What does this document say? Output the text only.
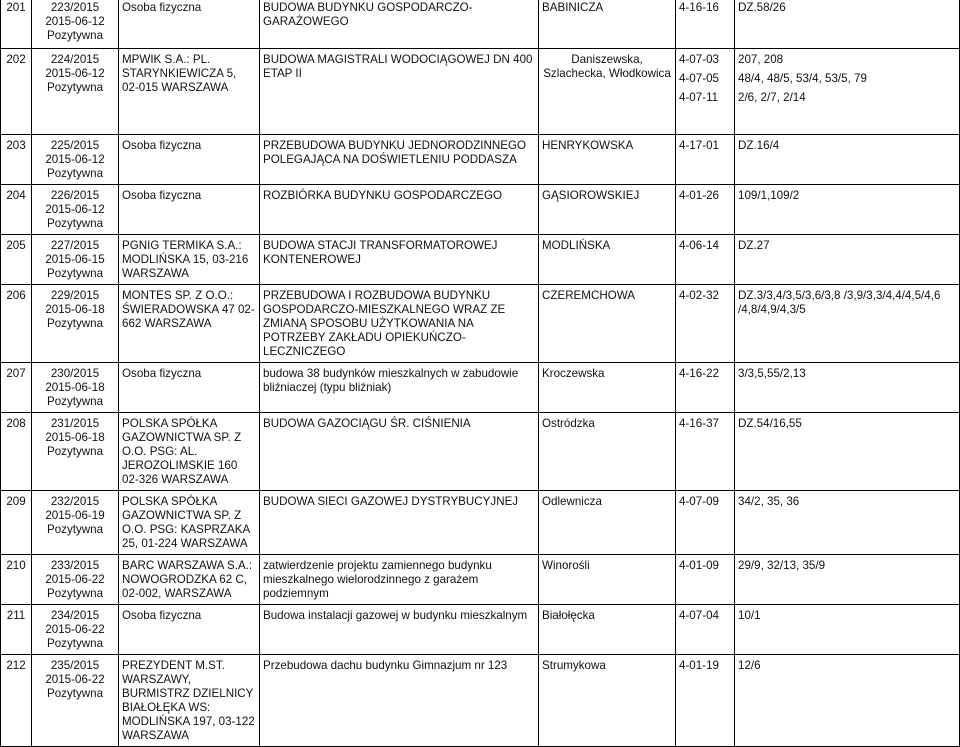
201	223/2015
2015-06-12
Pozytywna	Osoba fizyczna	BUDOWA BUDYNKU GOSPODARCZO-GARAŻOWEGO	BABINICZA	4-16-16	DZ.58/26

202	224/2015
2015-06-12
Pozytywna	MPWIK S.A.: PL. STARYNKIEWICZA 5, 02-015 WARSZAWA	BUDOWA MAGISTRALI WODOCIĄGOWEJ DN 400 ETAP II	Daniszewska, Szlachecka, Włodkowica	4-07-03
4-07-05
4-07-11	207, 208
48/4, 48/5, 53/4, 53/5, 79
2/6, 2/7, 2/14

203	225/2015
2015-06-12
Pozytywna	Osoba fizyczna	PRZEBUDOWA BUDYNKU JEDNORODZINNEGO POLEGAJĄCA NA DOŚWIETLENIU PODDASZA	HENRYKOWSKA	4-17-01	DZ.16/4

204	226/2015
2015-06-12
Pozytywna	Osoba fizyczna	ROZBIÓRKA BUDYNKU GOSPODARCZEGO	GĄSIOROWSKIEJ	4-01-26	109/1,109/2

205	227/2015
2015-06-15
Pozytywna	PGNIG TERMIKA S.A.: MODLIŃSKA 15, 03-216 WARSZAWA	BUDOWA STACJI TRANSFORMATOROWEJ KONTENEROWEJ	MODLIŃSKA	4-06-14	DZ.27

206	229/2015
2015-06-18
Pozytywna	MONTES SP. Z O.O.: ŚWIERADOWSKA 47 02-662 WARSZAWA	PRZEBUDOWA I ROZBUDOWA BUDYNKU GOSPODARCZO-MIESZKALNEGO WRAZ ZE ZMIANĄ SPOSOBU UŻYTKOWANIA NA POTRZEBY ZAKŁADU OPIEKUŃCZO-LECZNICZEGO	CZEREMCHOWA	4-02-32	DZ.3/3,4/3,5/3,6/3,8 /3,9/3,3/4,4/4,5/4,6 /4,8/4,9/4,3/5

207	230/2015
2015-06-18
Pozytywna	Osoba fizyczna	budowa 38 budynków mieszkalnych w zabudowie bliźniaczej (typu bliźniak)	Kroczewska	4-16-22	3/3,5,55/2,13

208	231/2015
2015-06-18
Pozytywna	POLSKA SPÓŁKA GAZOWNICTWA SP. Z O.O. PSG: AL. JEROZOLIMSKIE 160 02-326 WARSZAWA	BUDOWA GAZOCIĄGU ŚR. CIŚNIENIA	Ostródzka	4-16-37	DZ.54/16,55

209	232/2015
2015-06-19
Pozytywna	POLSKA SPÓŁKA GAZOWNICTWA SP. Z O.O. PSG: KASPRZAKA 25, 01-224 WARSZAWA	BUDOWA SIECI GAZOWEJ DYSTRYBUCYJNEJ	Odlewnicza	4-07-09	34/2, 35, 36

210	233/2015
2015-06-22
Pozytywna	BARC WARSZAWA S.A.: NOWOGRODZKA 62 C, 02-002, WARSZAWA	zatwierdzenie projektu zamiennego budynku mieszkalnego wielorodzinnego z garażem podziemnym	Winorośli	4-01-09	29/9, 32/13, 35/9

211	234/2015
2015-06-22
Pozytywna	Osoba fizyczna	Budowa instalacji gazowej w budynku mieszkalnym	Białołęcka	4-07-04	10/1

212	235/2015
2015-06-22
Pozytywna	PREZYDENT M.ST. WARSZAWY, BURMISTRZ DZIELNICY BIAŁOŁĘKA WS: MODLIŃSKA 197, 03-122 WARSZAWA	Przebudowa dachu budynku Gimnazjum nr 123	Strumykowa	4-01-19	12/6
